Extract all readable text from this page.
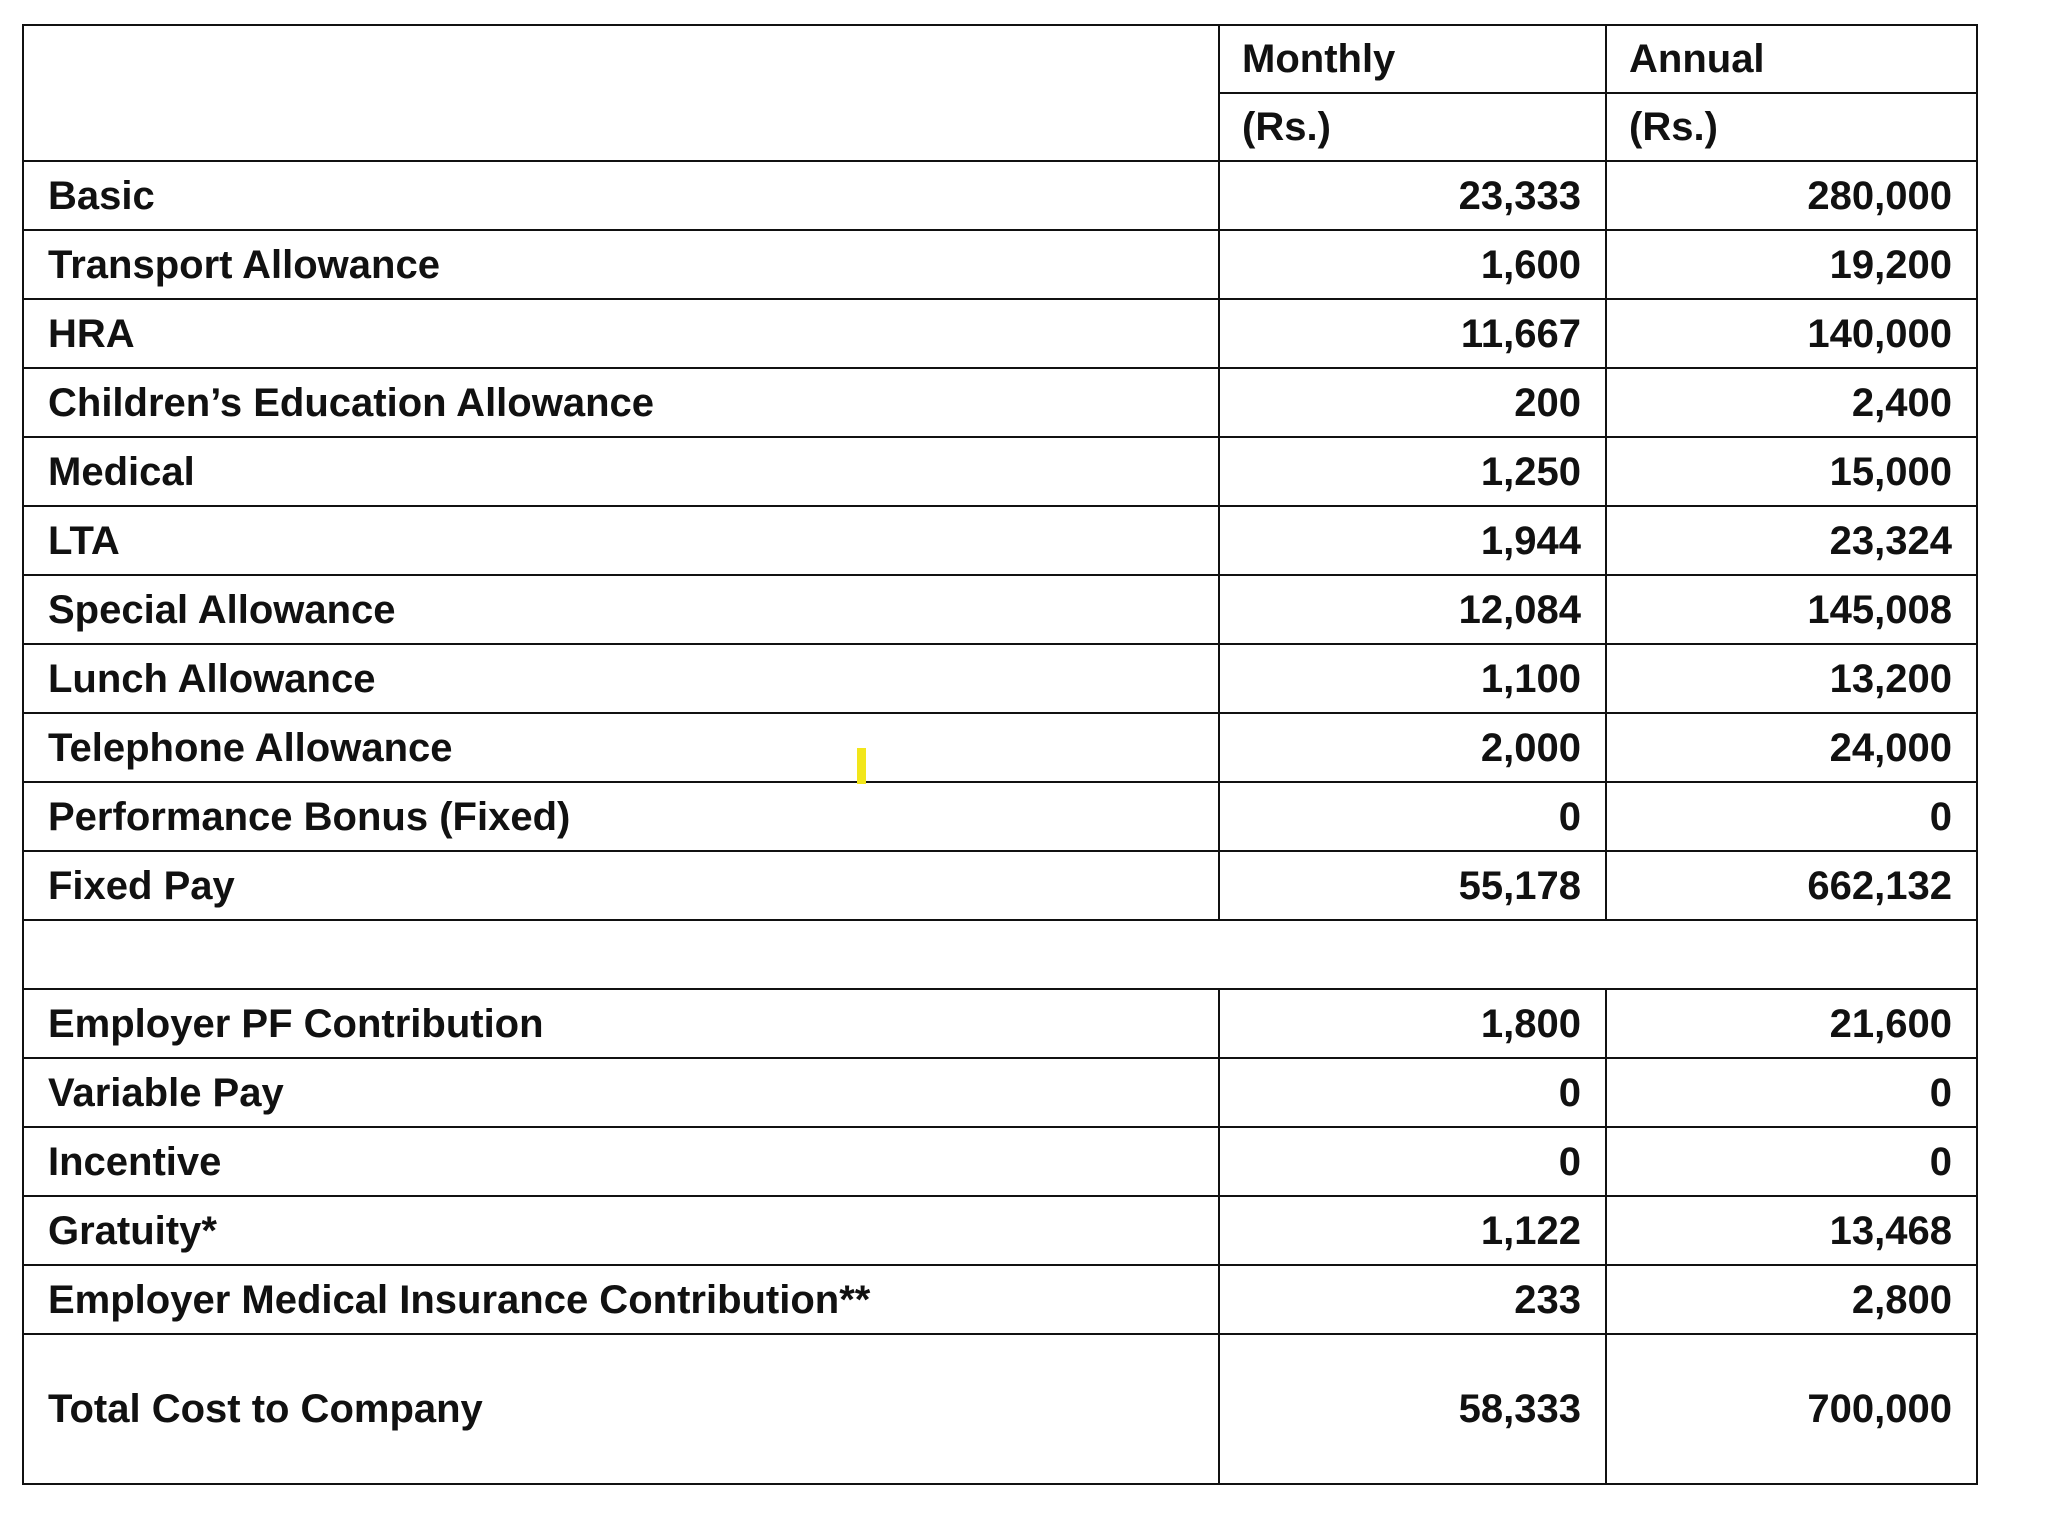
	Monthly	Annual
	(Rs.)	(Rs.)
Basic	23,333	280,000
Transport Allowance	1,600	19,200
HRA	11,667	140,000
Children’s Education Allowance	200	2,400
Medical	1,250	15,000
LTA	1,944	23,324
Special Allowance	12,084	145,008
Lunch Allowance	1,100	13,200
Telephone Allowance	2,000	24,000
Performance Bonus (Fixed)	0	0
Fixed Pay	55,178	662,132

Employer PF Contribution	1,800	21,600
Variable Pay	0	0
Incentive	0	0
Gratuity*	1,122	13,468
Employer Medical Insurance Contribution**	233	2,800
Total Cost to Company	58,333	700,000
